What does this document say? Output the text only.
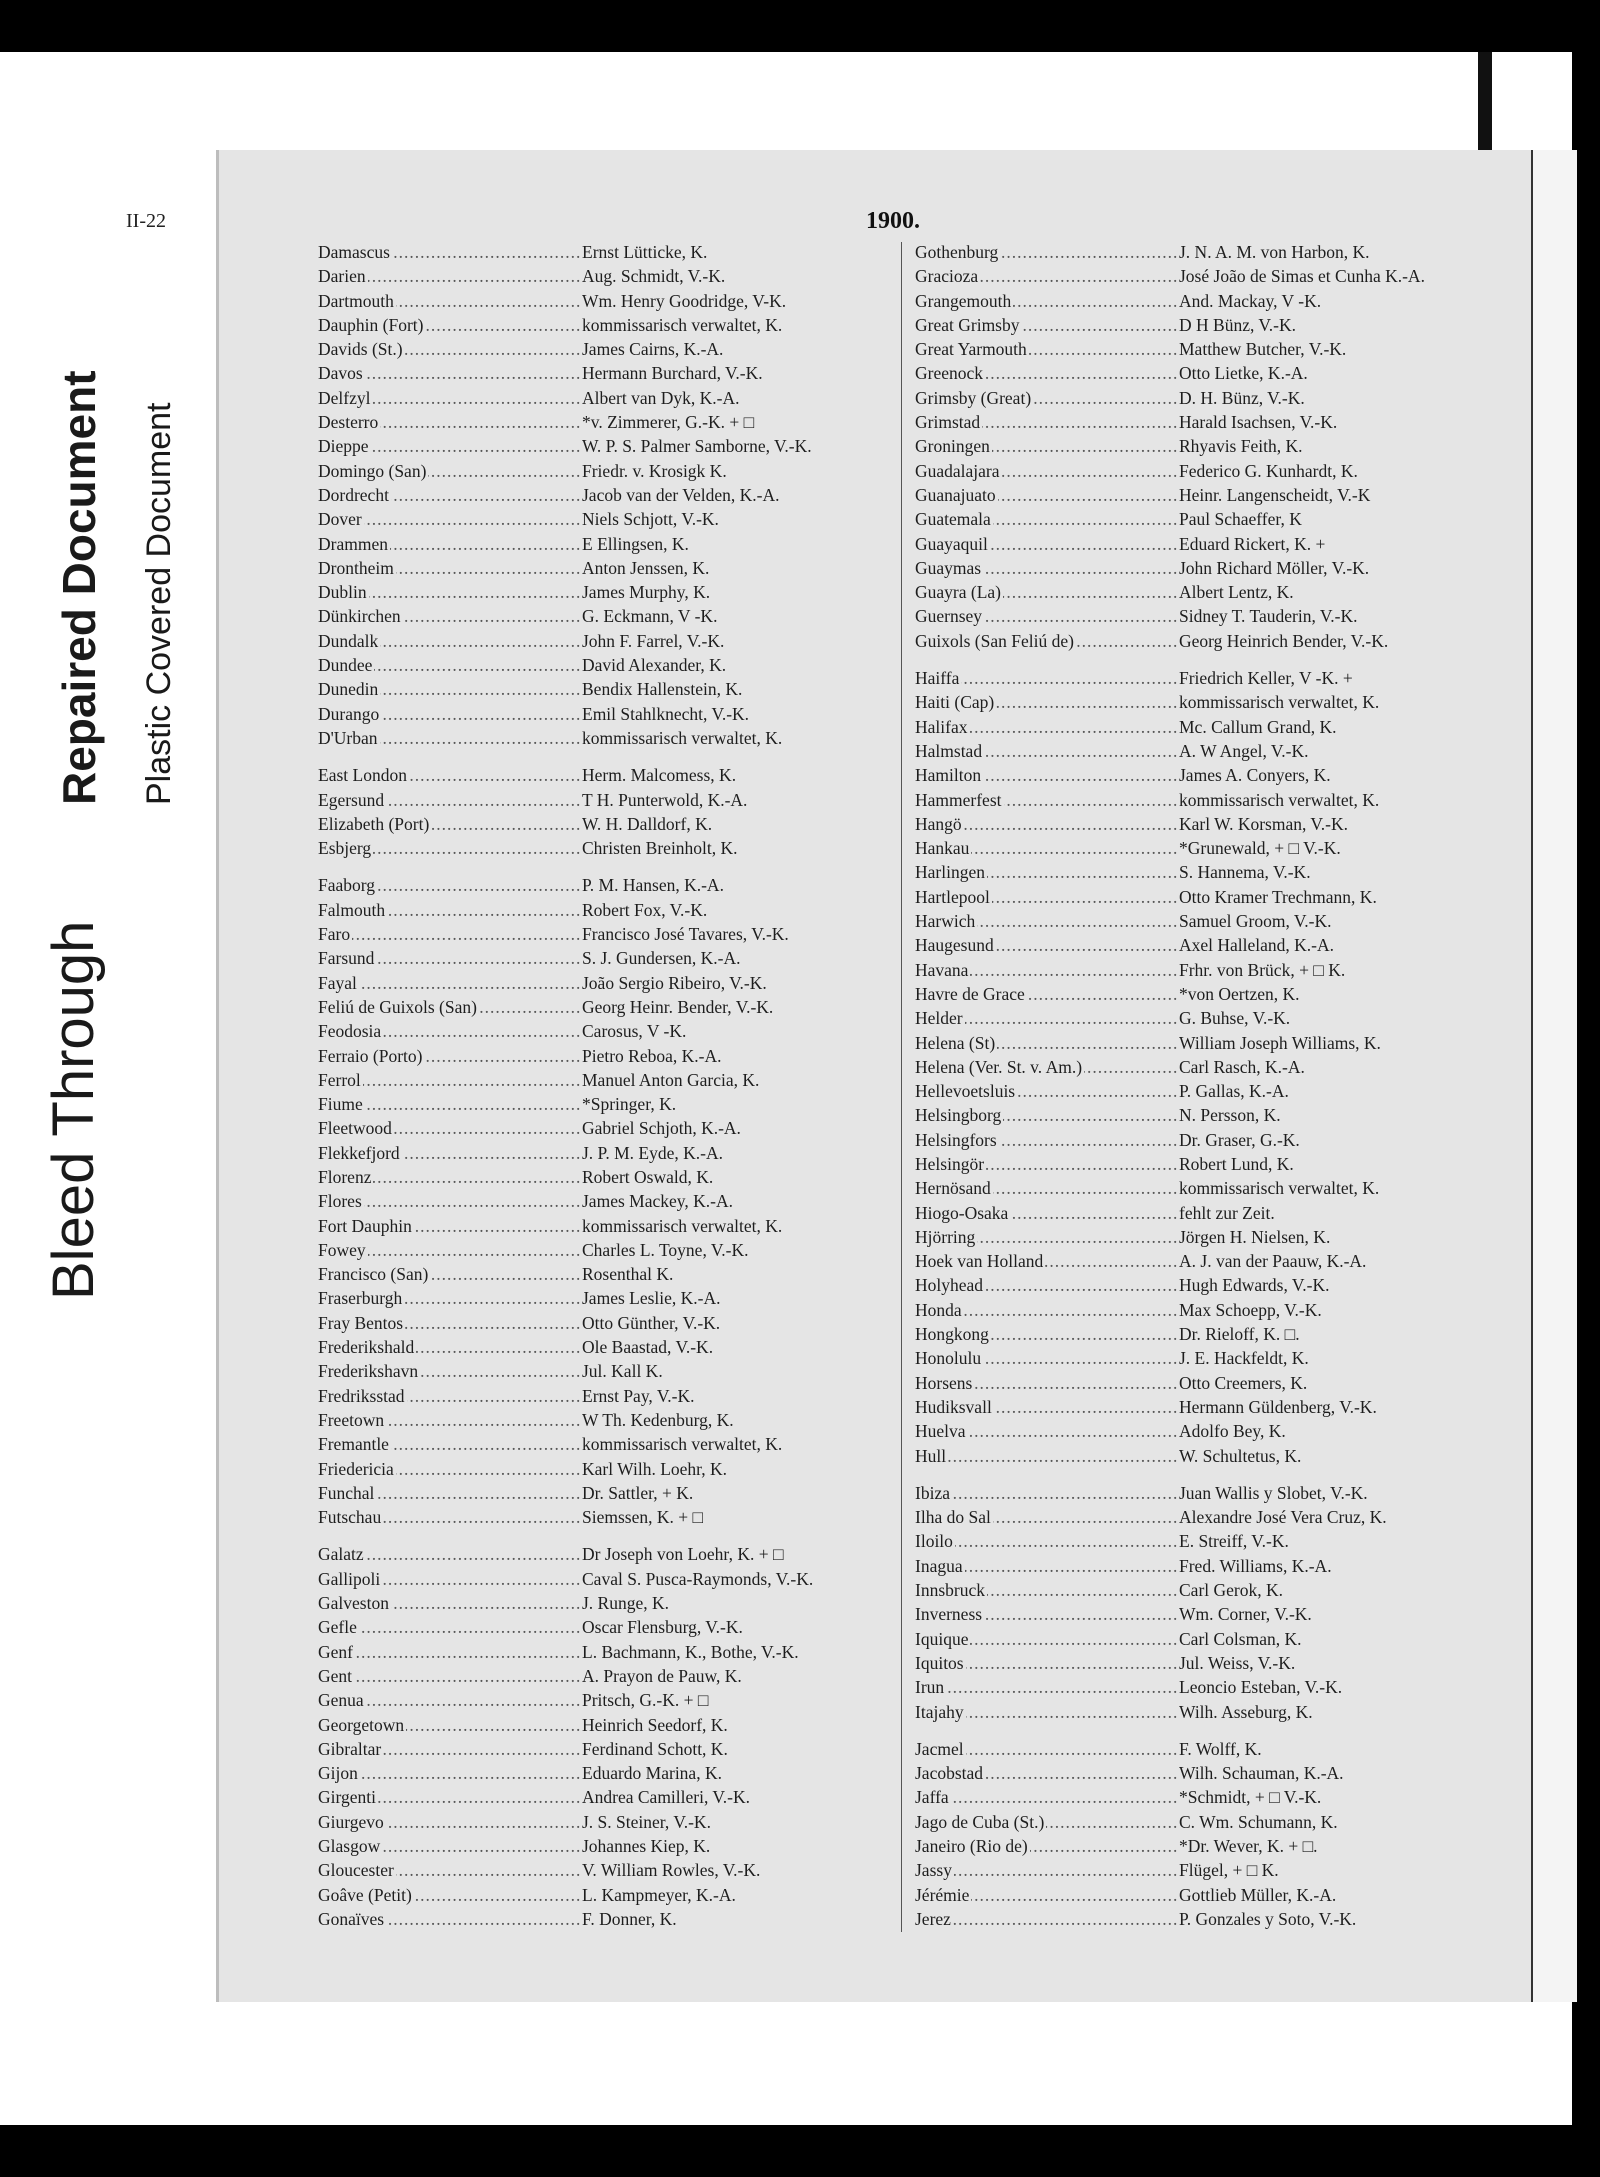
Bleed Through
Repaired Document Plastic Covered Document
II-22	1900.
Damascus .....	Ernst Lütticke, K.
Darien .....	Aug. Schmidt, V.-K.
Dartmouth .....	Wm. Henry Goodridge, V-K.
Dauphin (Fort) .....	kommissarisch verwaltet, K.
Davids (St.) .....	James Cairns, K.-A.
Davos .....	Hermann Burchard, V.-K.
Delfzyl .....	Albert van Dyk, K.-A.
Desterro .....	*v. Zimmerer, G.-K. + □
Dieppe .....	W. P. S. Palmer Samborne, V.-K.
Domingo (San) .....	Friedr. v. Krosigk K.
Dordrecht .....	Jacob van der Velden, K.-A.
Dover .....	Niels Schjott, V.-K.
Drammen .....	E Ellingsen, K.
Drontheim .....	Anton Jenssen, K.
Dublin .....	James Murphy, K.
Dünkirchen .....	G. Eckmann, V -K.
Dundalk .....	John F. Farrel, V.-K.
Dundee .....	David Alexander, K.
Dunedin .....	Bendix Hallenstein, K.
Durango .....	Emil Stahlknecht, V.-K.
D'Urban .....	kommissarisch verwaltet, K.
East London .....	Herm. Malcomess, K.
Egersund .....	T H. Punterwold, K.-A.
Elizabeth (Port) .....	W. H. Dalldorf, K.
Esbjerg .....	Christen Breinholt, K.
Faaborg .....	P. M. Hansen, K.-A.
Falmouth .....	Robert Fox, V.-K.
Faro .....	Francisco José Tavares, V.-K.
Farsund .....	S. J. Gundersen, K.-A.
Fayal .....	João Sergio Ribeiro, V.-K.
Feliú de Guixols (San) .....	Georg Heinr. Bender, V.-K.
Feodosia .....	Carosus, V -K.
Ferraio (Porto) .....	Pietro Reboa, K.-A.
Ferrol .....	Manuel Anton Garcia, K.
Fiume .....	*Springer, K.
Fleetwood .....	Gabriel Schjoth, K.-A.
Flekkefjord .....	J. P. M. Eyde, K.-A.
Florenz .....	Robert Oswald, K.
Flores .....	James Mackey, K.-A.
Fort Dauphin .....	kommissarisch verwaltet, K.
Fowey .....	Charles L. Toyne, V.-K.
Francisco (San) .....	Rosenthal K.
Fraserburgh .....	James Leslie, K.-A.
Fray Bentos .....	Otto Günther, V.-K.
Frederikshald .....	Ole Baastad, V.-K.
Frederikshavn .....	Jul. Kall K.
Fredriksstad .....	Ernst Pay, V.-K.
Freetown .....	W Th. Kedenburg, K.
Fremantle .....	kommissarisch verwaltet, K.
Friedericia .....	Karl Wilh. Loehr, K.
Funchal .....	Dr. Sattler, + K.
Futschau .....	Siemssen, K. + □
Galatz .....	Dr Joseph von Loehr, K. + □
Gallipoli .....	Caval S. Pusca-Raymonds, V.-K.
Galveston .....	J. Runge, K.
Gefle .....	Oscar Flensburg, V.-K.
Genf .....	L. Bachmann, K., Bothe, V.-K.
Gent .....	A. Prayon de Pauw, K.
Genua .....	Pritsch, G.-K. + □
Georgetown .....	Heinrich Seedorf, K.
Gibraltar .....	Ferdinand Schott, K.
Gijon .....	Eduardo Marina, K.
Girgenti .....	Andrea Camilleri, V.-K.
Giurgevo .....	J. S. Steiner, V.-K.
Glasgow .....	Johannes Kiep, K.
Gloucester .....	V. William Rowles, V.-K.
Goâve (Petit) .....	L. Kampmeyer, K.-A.
Gonaïves .....	F. Donner, K.
Gothenburg .....	J. N. A. M. von Harbon, K.
Gracioza .....	José João de Simas et Cunha K.-A.
Grangemouth .....	And. Mackay, V -K.
Great Grimsby .....	D H Bünz, V.-K.
Great Yarmouth .....	Matthew Butcher, V.-K.
Greenock .....	Otto Lietke, K.-A.
Grimsby (Great) .....	D. H. Bünz, V.-K.
Grimstad .....	Harald Isachsen, V.-K.
Groningen .....	Rhyavis Feith, K.
Guadalajara .....	Federico G. Kunhardt, K.
Guanajuato .....	Heinr. Langenscheidt, V.-K
Guatemala .....	Paul Schaeffer, K
Guayaquil .....	Eduard Rickert, K. +
Guaymas .....	John Richard Möller, V.-K.
Guayra (La) .....	Albert Lentz, K.
Guernsey .....	Sidney T. Tauderin, V.-K.
Guixols (San Feliú de) .....	Georg Heinrich Bender, V.-K.
Haiffa .....	Friedrich Keller, V -K. +
Haiti (Cap) .....	kommissarisch verwaltet, K.
Halifax .....	Mc. Callum Grand, K.
Halmstad .....	A. W Angel, V.-K.
Hamilton .....	James A. Conyers, K.
Hammerfest .....	kommissarisch verwaltet, K.
Hangö .....	Karl W. Korsman, V.-K.
Hankau .....	*Grunewald, + □ V.-K.
Harlingen .....	S. Hannema, V.-K.
Hartlepool .....	Otto Kramer Trechmann, K.
Harwich .....	Samuel Groom, V.-K.
Haugesund .....	Axel Halleland, K.-A.
Havana .....	Frhr. von Brück, + □ K.
Havre de Grace .....	*von Oertzen, K.
Helder .....	G. Buhse, V.-K.
Helena (St) .....	William Joseph Williams, K.
Helena (Ver. St. v. Am.) .....	Carl Rasch, K.-A.
Hellevoetsluis .....	P. Gallas, K.-A.
Helsingborg .....	N. Persson, K.
Helsingfors .....	Dr. Graser, G.-K.
Helsingör .....	Robert Lund, K.
Hernösand .....	kommissarisch verwaltet, K.
Hiogo-Osaka .....	fehlt zur Zeit.
Hjörring .....	Jörgen H. Nielsen, K.
Hoek van Holland .....	A. J. van der Paauw, K.-A.
Holyhead .....	Hugh Edwards, V.-K.
Honda .....	Max Schoepp, V.-K.
Hongkong .....	Dr. Rieloff, K. □.
Honolulu .....	J. E. Hackfeldt, K.
Horsens .....	Otto Creemers, K.
Hudiksvall .....	Hermann Güldenberg, V.-K.
Huelva .....	Adolfo Bey, K.
Hull .....	W. Schultetus, K.
Ibiza .....	Juan Wallis y Slobet, V.-K.
Ilha do Sal .....	Alexandre José Vera Cruz, K.
Iloilo .....	E. Streiff, V.-K.
Inagua .....	Fred. Williams, K.-A.
Innsbruck .....	Carl Gerok, K.
Inverness .....	Wm. Corner, V.-K.
Iquique .....	Carl Colsman, K.
Iquitos .....	Jul. Weiss, V.-K.
Irun .....	Leoncio Esteban, V.-K.
Itajahy .....	Wilh. Asseburg, K.
Jacmel .....	F. Wolff, K.
Jacobstad .....	Wilh. Schauman, K.-A.
Jaffa .....	*Schmidt, + □ V.-K.
Jago de Cuba (St.) .....	C. Wm. Schumann, K.
Janeiro (Rio de) .....	*Dr. Wever, K. + □.
Jassy .....	Flügel, + □ K.
Jérémie .....	Gottlieb Müller, K.-A.
Jerez .....	P. Gonzales y Soto, V.-K.
